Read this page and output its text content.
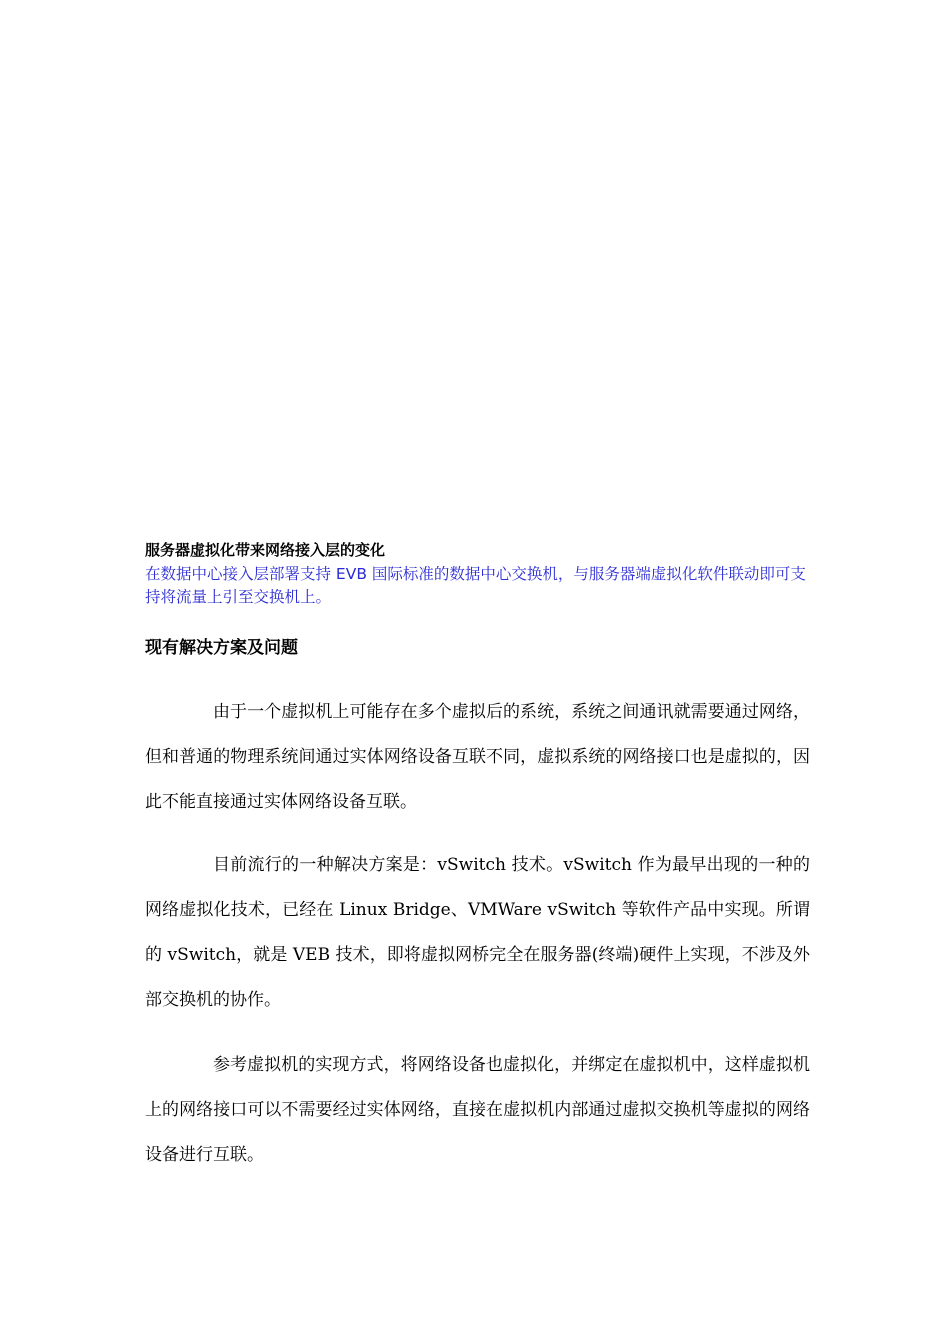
服务器虚拟化带来网络接入层的变化

在数据中心接入层部署支持 EVB 国际标准的数据中心交换机，与服务器端虚拟化软件联动即可支持将流量上引至交换机上。

现有解决方案及问题

由于一个虚拟机上可能存在多个虚拟后的系统，系统之间通讯就需要通过网络，但和普通的物理系统间通过实体网络设备互联不同，虚拟系统的网络接口也是虚拟的，因此不能直接通过实体网络设备互联。

目前流行的一种解决方案是：vSwitch 技术。vSwitch 作为最早出现的一种的网络虚拟化技术，已经在 Linux Bridge、VMWare vSwitch 等软件产品中实现。所谓的 vSwitch，就是 VEB 技术，即将虚拟网桥完全在服务器(终端)硬件上实现，不涉及外部交换机的协作。

参考虚拟机的实现方式，将网络设备也虚拟化，并绑定在虚拟机中，这样虚拟机上的网络接口可以不需要经过实体网络，直接在虚拟机内部通过虚拟交换机等虚拟的网络设备进行互联。
